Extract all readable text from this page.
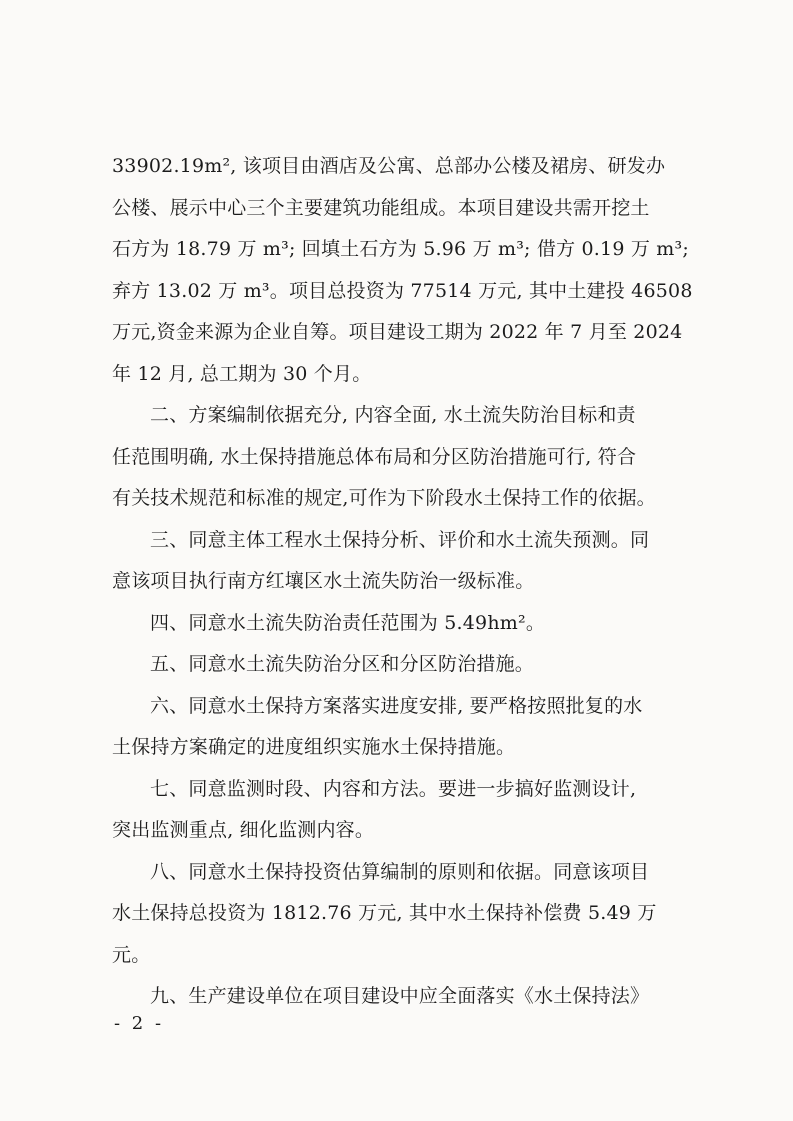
33902.19m², 该项目由酒店及公寓、总部办公楼及裙房、研发办
公楼、展示中心三个主要建筑功能组成。本项目建设共需开挖土
石方为 18.79 万 m³; 回填土石方为 5.96 万 m³; 借方 0.19 万 m³;
弃方 13.02 万 m³。项目总投资为 77514 万元, 其中土建投 46508
万元,资金来源为企业自筹。项目建设工期为 2022 年 7 月至 2024
年 12 月, 总工期为 30 个月。
二、方案编制依据充分, 内容全面, 水土流失防治目标和责
任范围明确, 水土保持措施总体布局和分区防治措施可行, 符合
有关技术规范和标准的规定,可作为下阶段水土保持工作的依据。
三、同意主体工程水土保持分析、评价和水土流失预测。同
意该项目执行南方红壤区水土流失防治一级标准。
四、同意水土流失防治责任范围为 5.49hm²。
五、同意水土流失防治分区和分区防治措施。
六、同意水土保持方案落实进度安排, 要严格按照批复的水
土保持方案确定的进度组织实施水土保持措施。
七、同意监测时段、内容和方法。要进一步搞好监测设计,
突出监测重点, 细化监测内容。
八、同意水土保持投资估算编制的原则和依据。同意该项目
水土保持总投资为 1812.76 万元, 其中水土保持补偿费 5.49 万
元。
九、生产建设单位在项目建设中应全面落实《水土保持法》
- 2 -
